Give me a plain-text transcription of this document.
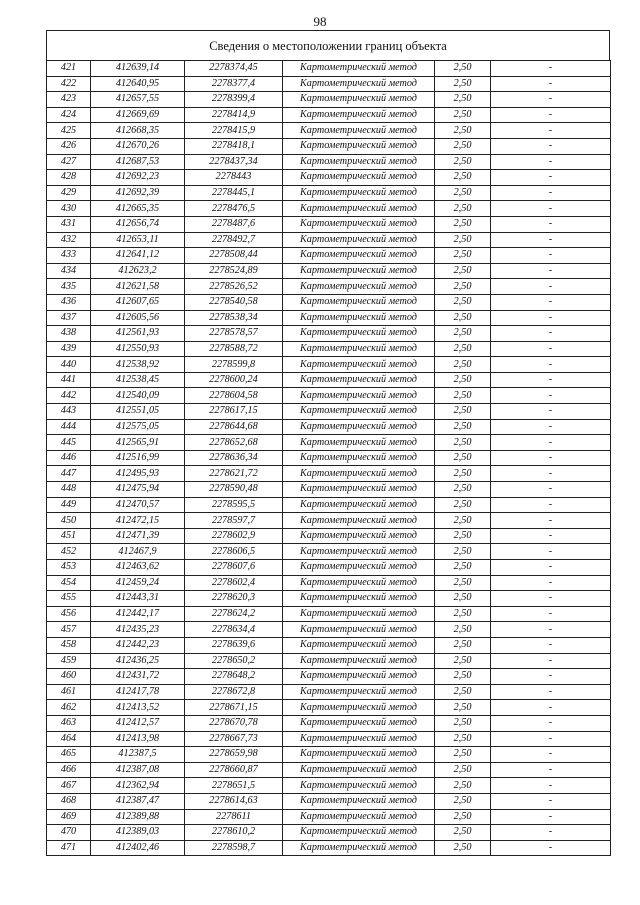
98
Сведения о местоположении границ объекта
421	412639,14	2278374,45	Картометрический метод	2,50	-
422	412640,95	2278377,4	Картометрический метод	2,50	-
423	412657,55	2278399,4	Картометрический метод	2,50	-
424	412669,69	2278414,9	Картометрический метод	2,50	-
425	412668,35	2278415,9	Картометрический метод	2,50	-
426	412670,26	2278418,1	Картометрический метод	2,50	-
427	412687,53	2278437,34	Картометрический метод	2,50	-
428	412692,23	2278443	Картометрический метод	2,50	-
429	412692,39	2278445,1	Картометрический метод	2,50	-
430	412665,35	2278476,5	Картометрический метод	2,50	-
431	412656,74	2278487,6	Картометрический метод	2,50	-
432	412653,11	2278492,7	Картометрический метод	2,50	-
433	412641,12	2278508,44	Картометрический метод	2,50	-
434	412623,2	2278524,89	Картометрический метод	2,50	-
435	412621,58	2278526,52	Картометрический метод	2,50	-
436	412607,65	2278540,58	Картометрический метод	2,50	-
437	412605,56	2278538,34	Картометрический метод	2,50	-
438	412561,93	2278578,57	Картометрический метод	2,50	-
439	412550,93	2278588,72	Картометрический метод	2,50	-
440	412538,92	2278599,8	Картометрический метод	2,50	-
441	412538,45	2278600,24	Картометрический метод	2,50	-
442	412540,09	2278604,58	Картометрический метод	2,50	-
443	412551,05	2278617,15	Картометрический метод	2,50	-
444	412575,05	2278644,68	Картометрический метод	2,50	-
445	412565,91	2278652,68	Картометрический метод	2,50	-
446	412516,99	2278636,34	Картометрический метод	2,50	-
447	412495,93	2278621,72	Картометрический метод	2,50	-
448	412475,94	2278590,48	Картометрический метод	2,50	-
449	412470,57	2278595,5	Картометрический метод	2,50	-
450	412472,15	2278597,7	Картометрический метод	2,50	-
451	412471,39	2278602,9	Картометрический метод	2,50	-
452	412467,9	2278606,5	Картометрический метод	2,50	-
453	412463,62	2278607,6	Картометрический метод	2,50	-
454	412459,24	2278602,4	Картометрический метод	2,50	-
455	412443,31	2278620,3	Картометрический метод	2,50	-
456	412442,17	2278624,2	Картометрический метод	2,50	-
457	412435,23	2278634,4	Картометрический метод	2,50	-
458	412442,23	2278639,6	Картометрический метод	2,50	-
459	412436,25	2278650,2	Картометрический метод	2,50	-
460	412431,72	2278648,2	Картометрический метод	2,50	-
461	412417,78	2278672,8	Картометрический метод	2,50	-
462	412413,52	2278671,15	Картометрический метод	2,50	-
463	412412,57	2278670,78	Картометрический метод	2,50	-
464	412413,98	2278667,73	Картометрический метод	2,50	-
465	412387,5	2278659,98	Картометрический метод	2,50	-
466	412387,08	2278660,87	Картометрический метод	2,50	-
467	412362,94	2278651,5	Картометрический метод	2,50	-
468	412387,47	2278614,63	Картометрический метод	2,50	-
469	412389,88	2278611	Картометрический метод	2,50	-
470	412389,03	2278610,2	Картометрический метод	2,50	-
471	412402,46	2278598,7	Картометрический метод	2,50	-
